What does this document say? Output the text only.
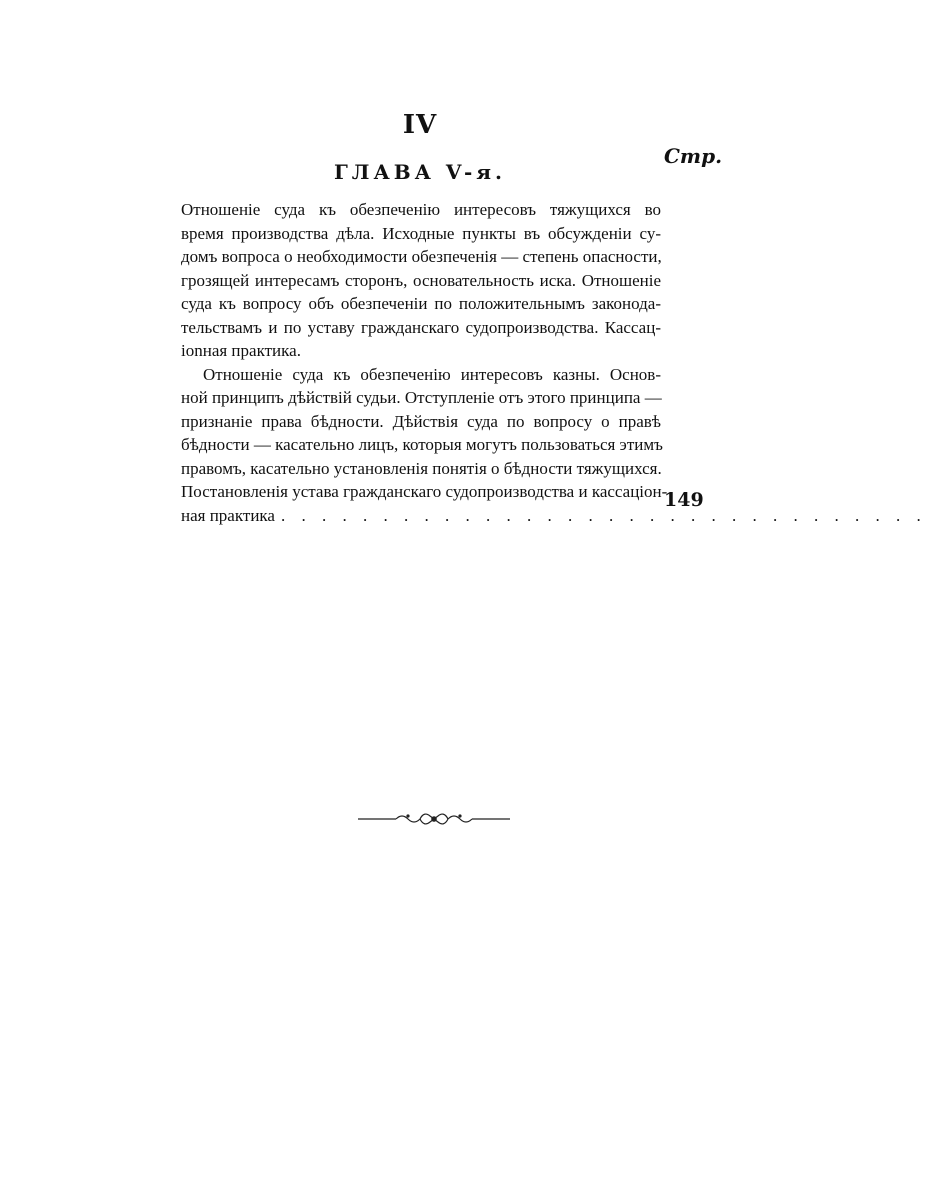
IV
Стр.
ГЛАВА V-я.

Отношеніе суда къ обезпеченію интересовъ тяжущихся во
время производства дѣла. Исходные пункты въ обсужденіи су-
домъ вопроса о необходимости обезпеченія — степень опасности,
грозящей интересамъ сторонъ, основательность иска. Отношеніе
суда къ вопросу объ обезпеченіи по положительнымъ законода-
тельствамъ и по уставу гражданскаго судопроизводства. Кассац-
ionная практика.

Отношеніе суда къ обезпеченію интересовъ казны. Основ-
ной принципъ дѣйствій судьи. Отступленіе отъ этого принципа —
признаніе права бѣдности. Дѣйствія суда по вопросу о правѣ
бѣдности — касательно лицъ, которыя могутъ пользоваться этимъ
правомъ, касательно установленія понятія о бѣдности тяжущихся.
Постановленія устава гражданскаго судопроизводства и кассаціон-
ная практика . . . . . . . . . . . . . . . . . . . . . . . . . . . . . . . .

149
